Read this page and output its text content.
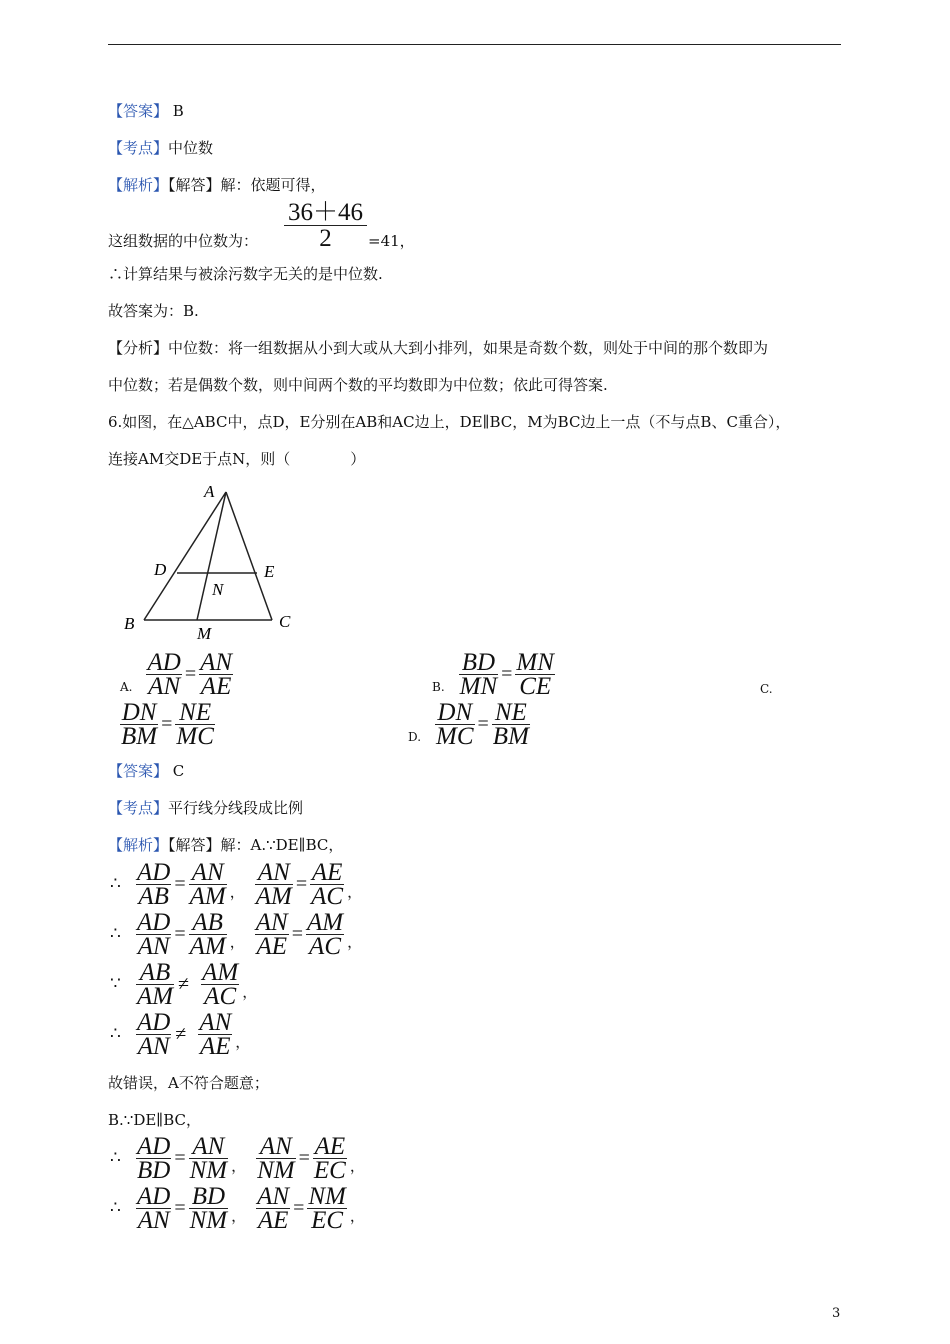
【答案】 B
【考点】中位数
【解析】【解答】解：依题可得，
这组数据的中位数为： $\frac{36+46}{2} =41$，
∴计算结果与被涂污数字无关的是中位数.
故答案为：B.
【分析】中位数：将一组数据从小到大或从大到小排列，如果是奇数个数，则处于中间的那个数即为
中位数；若是偶数个数，则中间两个数的平均数即为中位数；依此可得答案.
6.如图，在△ABC中，点D，E分别在AB和AC边上，DE∥BC，M为BC边上一点（不与点B、C重合），
连接AM交DE于点N，则（　　　　）
A
D	E
N
B
M
C
A. $\frac{AD}{AN} = \frac{AN}{AE}$	B. $\frac{BD}{MN} = \frac{MN}{CE}$	C.
$\frac{DN}{BM} = \frac{NE}{MC}$	D. $\frac{DN}{MC} = \frac{NE}{BM}$
【答案】 C
【考点】平行线分线段成比例
【解析】【解答】解：A.∵DE∥BC，
∴ $\frac{AD}{AB} = \frac{AN}{AM}$ ， $\frac{AN}{AM} = \frac{AE}{AC}$ ，
∴ $\frac{AD}{AN} = \frac{AB}{AM}$ ， $\frac{AN}{AE} = \frac{AM}{AC}$ ，
∵ $\frac{AB}{AM} \ne \frac{AM}{AC}$ ，
∴ $\frac{AD}{AN} \ne \frac{AN}{AE}$ ，
故错误，A不符合题意；
B.∵DE∥BC，
∴ $\frac{AD}{BD} = \frac{AN}{NM}$ ， $\frac{AN}{NM} = \frac{AE}{EC}$ ，
∴ $\frac{AD}{AN} = \frac{BD}{NM}$ ， $\frac{AN}{AE} = \frac{NM}{EC}$ ，
3
